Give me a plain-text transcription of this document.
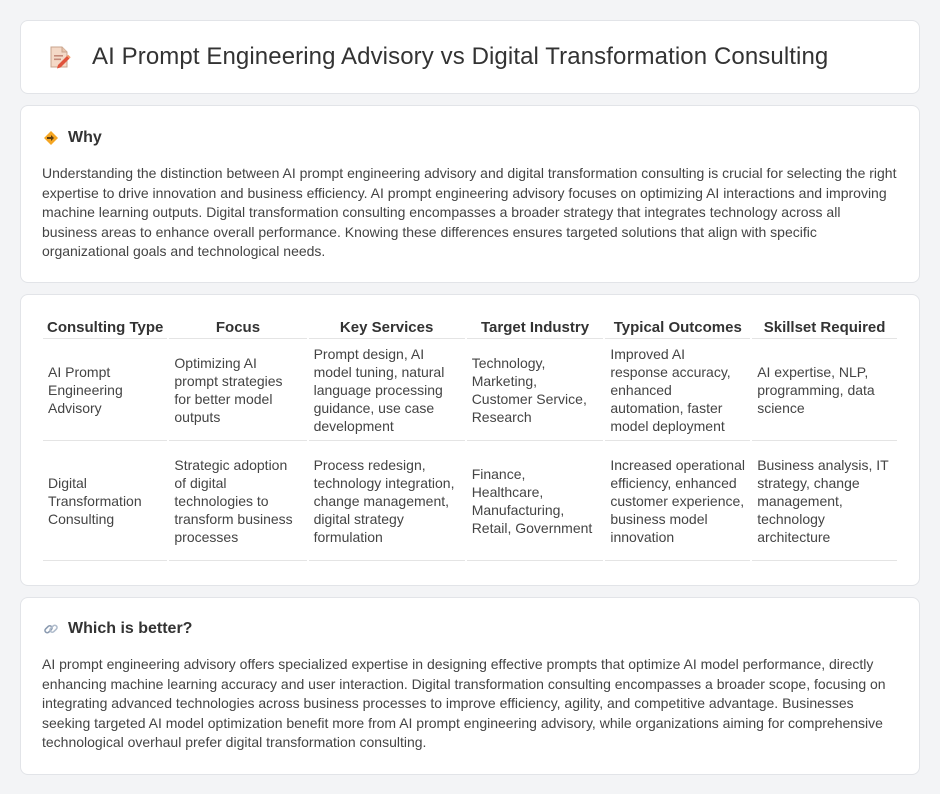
AI Prompt Engineering Advisory vs Digital Transformation Consulting
Why

Understanding the distinction between AI prompt engineering advisory and digital transformation consulting is crucial for selecting the right expertise to drive innovation and business efficiency. AI prompt engineering advisory focuses on optimizing AI interactions and improving machine learning outputs. Digital transformation consulting encompasses a broader strategy that integrates technology across all business areas to enhance overall performance. Knowing these differences ensures targeted solutions that align with specific organizational goals and technological needs.

Consulting Type	Focus	Key Services	Target Industry	Typical Outcomes	Skillset Required
AI Prompt Engineering Advisory	Optimizing AI prompt strategies for better model outputs	Prompt design, AI model tuning, natural language processing guidance, use case development	Technology, Marketing, Customer Service, Research	Improved AI response accuracy, enhanced automation, faster model deployment	AI expertise, NLP, programming, data science
Digital Transformation Consulting	Strategic adoption of digital technologies to transform business processes	Process redesign, technology integration, change management, digital strategy formulation	Finance, Healthcare, Manufacturing, Retail, Government	Increased operational efficiency, enhanced customer experience, business model innovation	Business analysis, IT strategy, change management, technology architecture
Which is better?

AI prompt engineering advisory offers specialized expertise in designing effective prompts that optimize AI model performance, directly enhancing machine learning accuracy and user interaction. Digital transformation consulting encompasses a broader scope, focusing on integrating advanced technologies across business processes to improve efficiency, agility, and competitive advantage. Businesses seeking targeted AI model optimization benefit more from AI prompt engineering advisory, while organizations aiming for comprehensive technological overhaul prefer digital transformation consulting.
